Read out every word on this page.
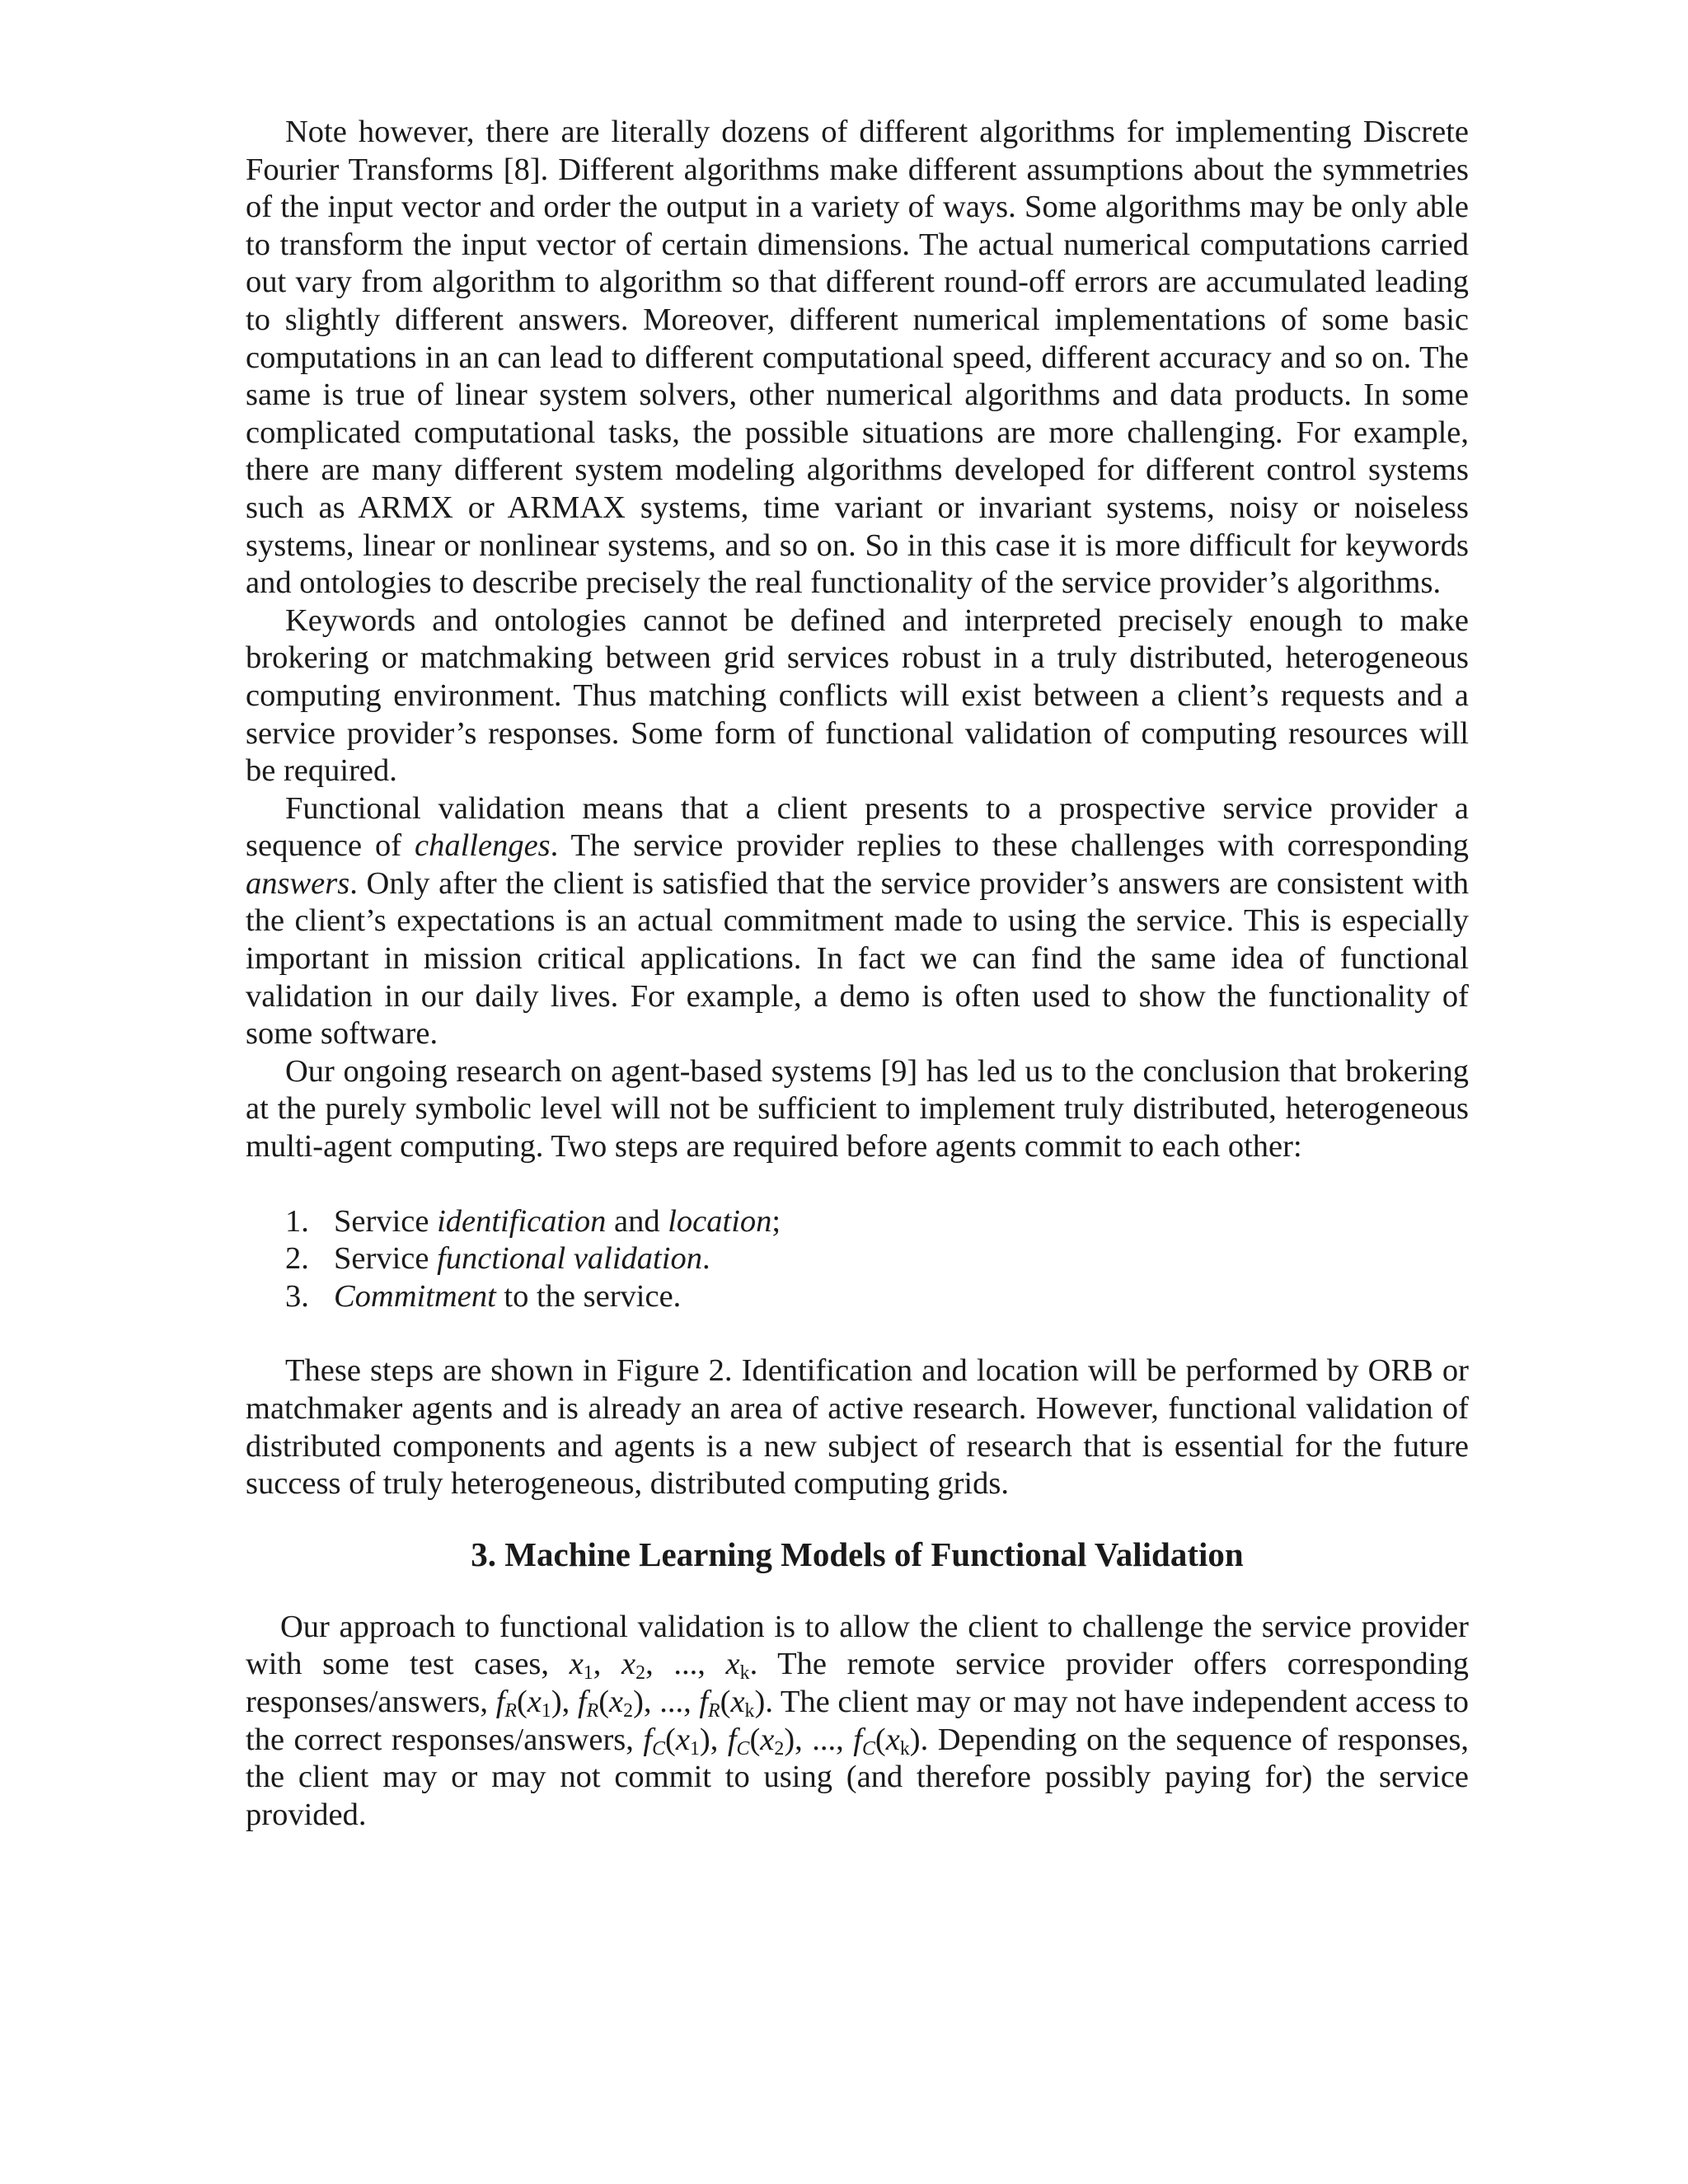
Note however, there are literally dozens of different algorithms for implementing Discrete Fourier Transforms [8]. Different algorithms make different assumptions about the symmetries of the input vector and order the output in a variety of ways. Some algorithms may be only able to transform the input vector of certain dimensions. The actual numerical computations carried out vary from algorithm to algorithm so that different round-off errors are accumulated leading to slightly different answers. Moreover, different numerical implementations of some basic computations in an can lead to different computational speed, different accuracy and so on. The same is true of linear system solvers, other numerical algorithms and data products. In some complicated computational tasks, the possible situations are more challenging. For example, there are many different system modeling algorithms developed for different control systems such as ARMX or ARMAX systems, time variant or invariant systems, noisy or noiseless systems, linear or nonlinear systems, and so on. So in this case it is more difficult for keywords and ontologies to describe precisely the real functionality of the service provider’s algorithms.

Keywords and ontologies cannot be defined and interpreted precisely enough to make brokering or matchmaking between grid services robust in a truly distributed, heterogeneous computing environment. Thus matching conflicts will exist between a client’s requests and a service provider’s responses. Some form of functional validation of computing resources will be required.

Functional validation means that a client presents to a prospective service provider a sequence of challenges. The service provider replies to these challenges with corresponding answers. Only after the client is satisfied that the service provider’s answers are consistent with the client’s expectations is an actual commitment made to using the service. This is especially important in mission critical applications. In fact we can find the same idea of functional validation in our daily lives. For example, a demo is often used to show the functionality of some software.

Our ongoing research on agent-based systems [9] has led us to the conclusion that brokering at the purely symbolic level will not be sufficient to implement truly distributed, heterogeneous multi-agent computing. Two steps are required before agents commit to each other:

1. Service identification and location;
2. Service functional validation.
3. Commitment to the service.

These steps are shown in Figure 2. Identification and location will be performed by ORB or matchmaker agents and is already an area of active research. However, functional validation of distributed components and agents is a new subject of research that is essential for the future success of truly heterogeneous, distributed computing grids.

3. Machine Learning Models of Functional Validation

Our approach to functional validation is to allow the client to challenge the service provider with some test cases, $x_1$, $x_2$, ..., $x_k$. The remote service provider offers corresponding responses/answers, $f_R(x_1)$, $f_R(x_2)$, ..., $f_R(x_k)$. The client may or may not have independent access to the correct responses/answers, $f_C(x_1)$, $f_C(x_2)$, ..., $f_C(x_k)$. Depending on the sequence of responses, the client may or may not commit to using (and therefore possibly paying for) the service provided.
